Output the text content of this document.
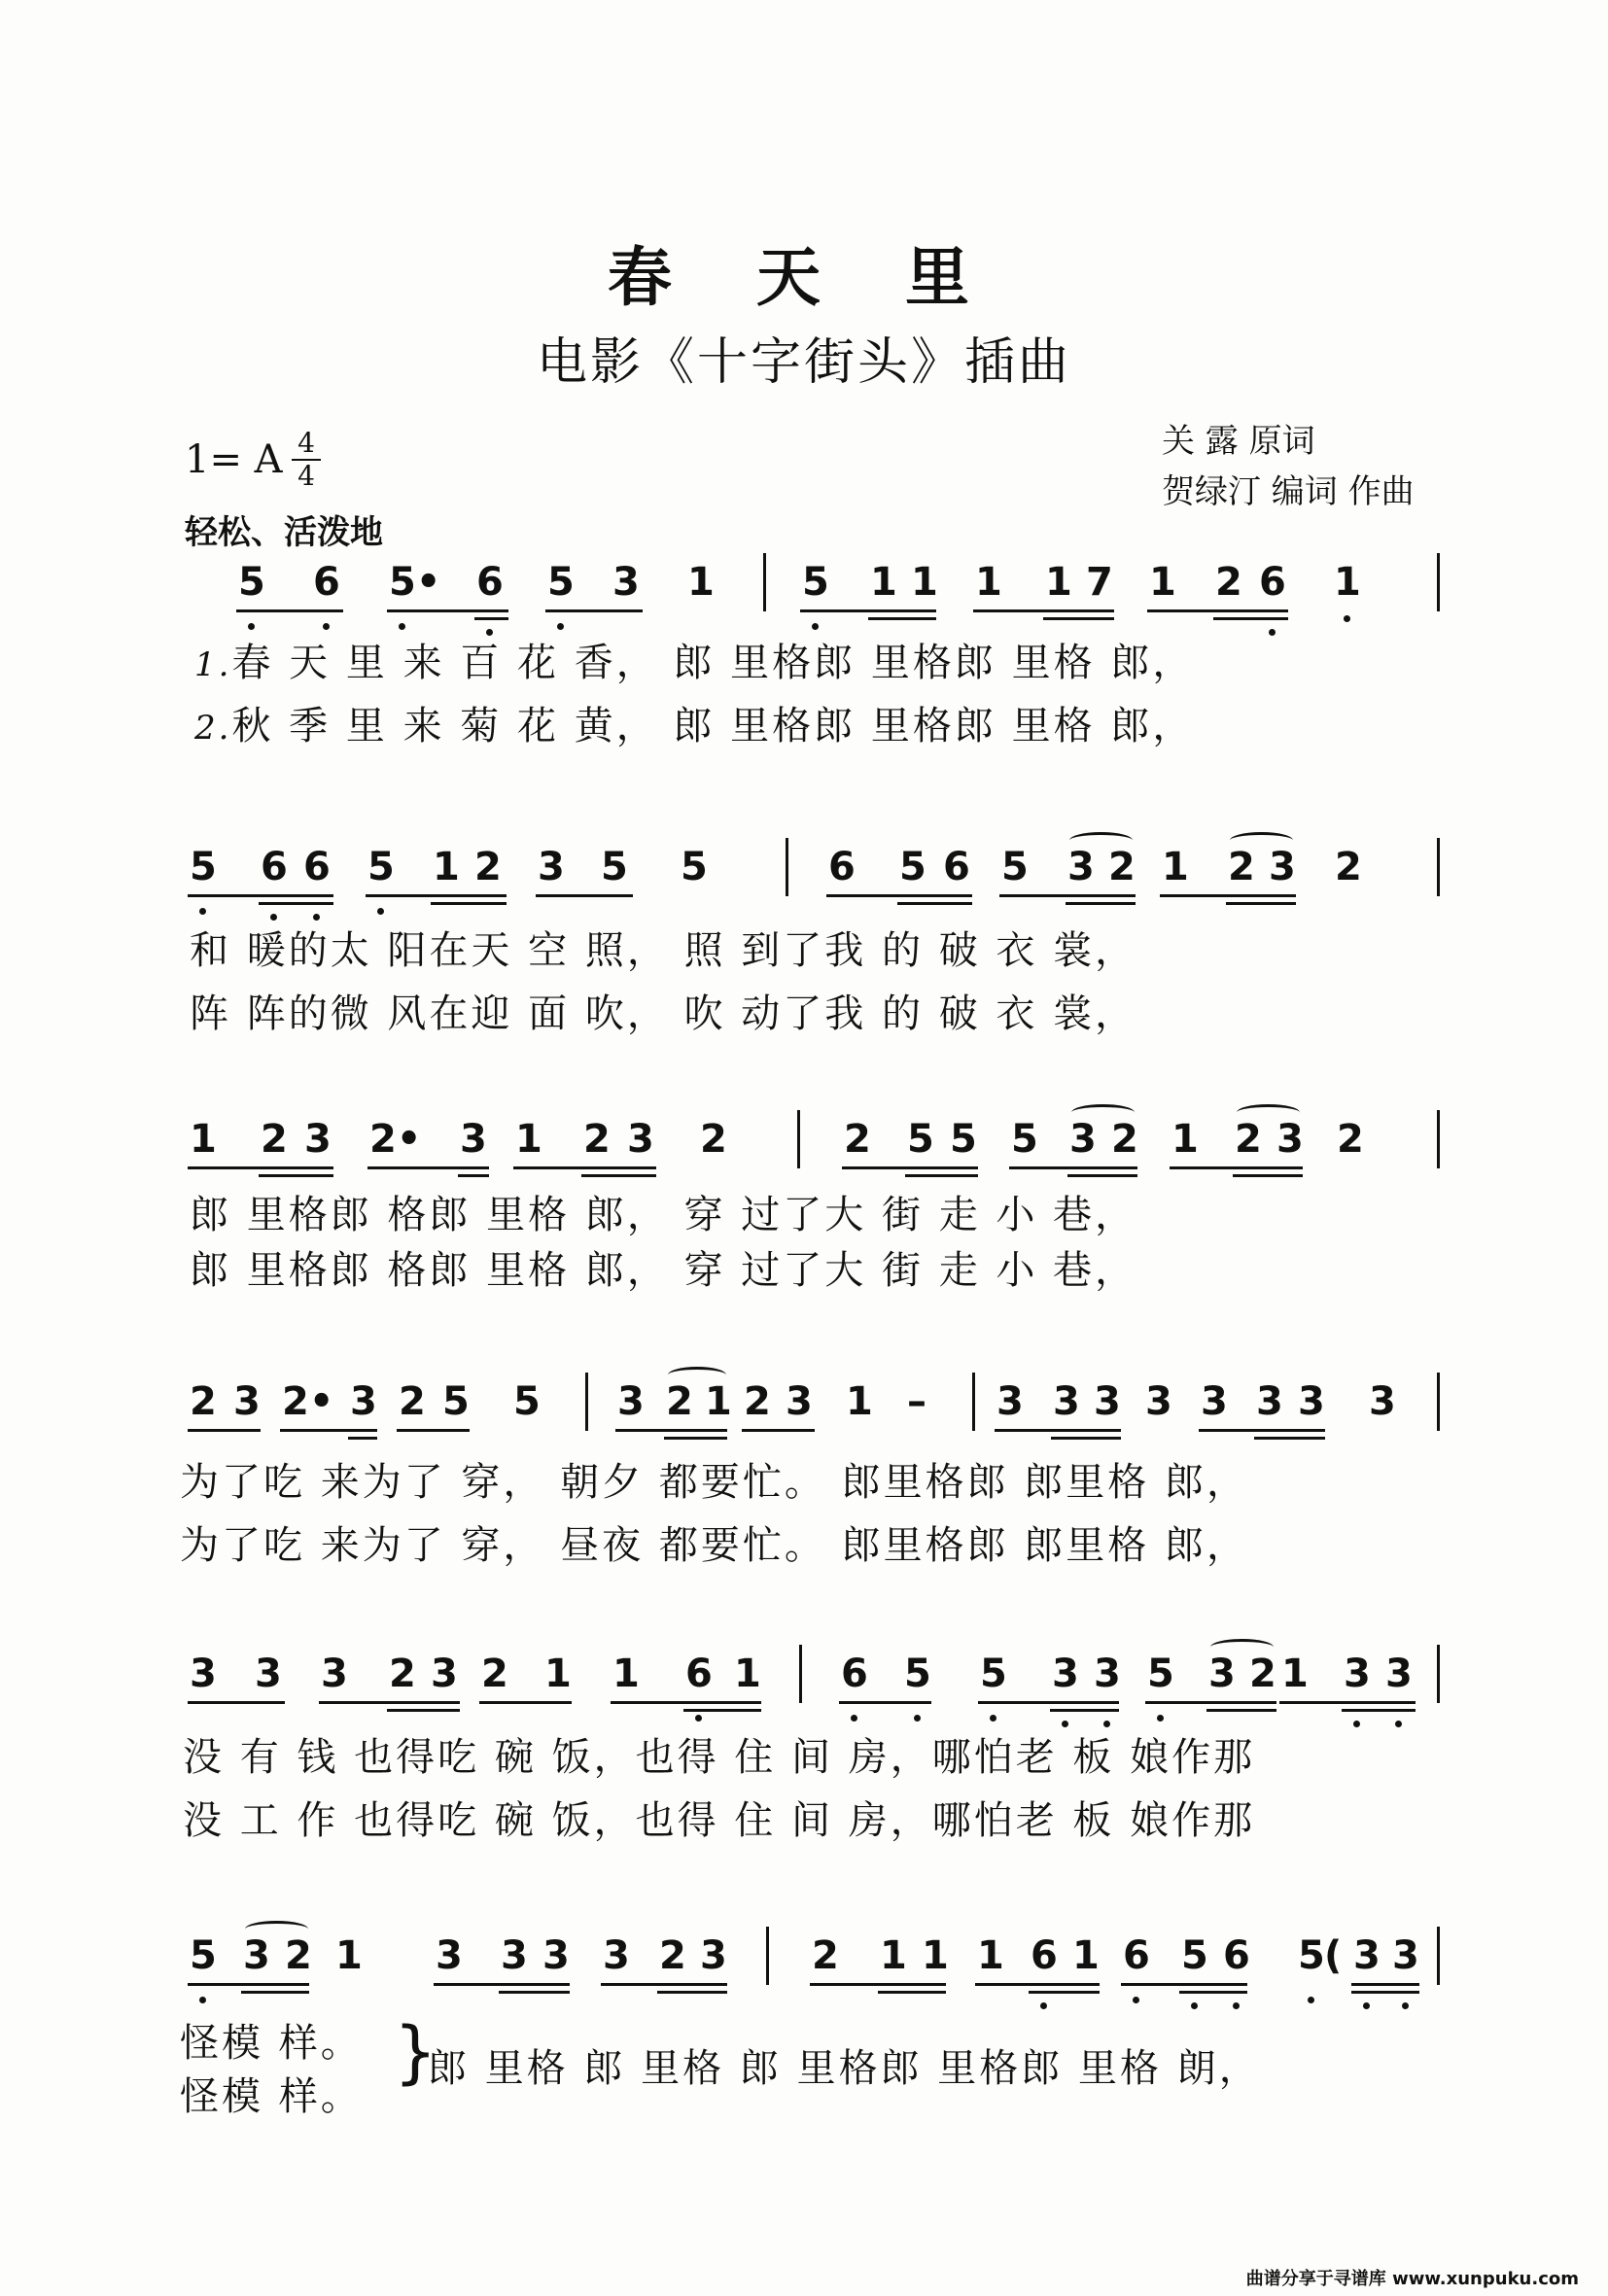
春 天 里
电影《十字街头》插曲
1= A 4
4
轻松、活泼地
关 露 原词
贺绿汀 编词 作曲
5 6 5• 6 5 3 1 5 1 1 1 1 7 1 2 6 1
1.春 天 里 来 百 花 香， 郎 里格郎 里格郎 里格 郎，
2.秋 季 里 来 菊 花 黄， 郎 里格郎 里格郎 里格 郎，
5 6 6 5 1 2 3 5 5	6 5 6 5 3 2 1 2 3 2
和 暖的太 阳在天 空 照， 照 到了我 的 破 衣 裳，
阵 阵的微 风在迎 面 吹， 吹 动了我 的 破 衣 裳，
1 2 3 2• 3 1 2 3 2	2 5 5 5 3 2 1 2 3 2
郎 里格郎 格郎 里格 郎， 穿 过了大 街 走 小 巷，
郎 里格郎 格郎 里格 郎， 穿 过了大 街 走 小 巷，
2 3 2• 3 2 5 5 3 2 1 2 3 1 – 3 3 3 3 3 3 3 3
为了吃 来为了 穿， 朝夕 都要忙。 郎里格郎 郎里格 郎，
为了吃 来为了 穿， 昼夜 都要忙。 郎里格郎 郎里格 郎，
3 3 3 2 3 2 1 1 6 1 6 5 5 3 3 5 3 2 1 3 3
没 有 钱 也得吃 碗 饭，也得 住 间 房，哪怕老 板 娘作那
没 工 作 也得吃 碗 饭，也得 住 间 房，哪怕老 板 娘作那
5 3 2 1 3 3 3 3 2 3 2 1 1 1 6 1 6 5 6 5 ( 3 3
怪模 样。
怪模 样。
}
郎 里格 郎 里格 郎 里格郎 里格郎 里格 朗，
曲谱分享于寻谱库 www.xunpuku.com
